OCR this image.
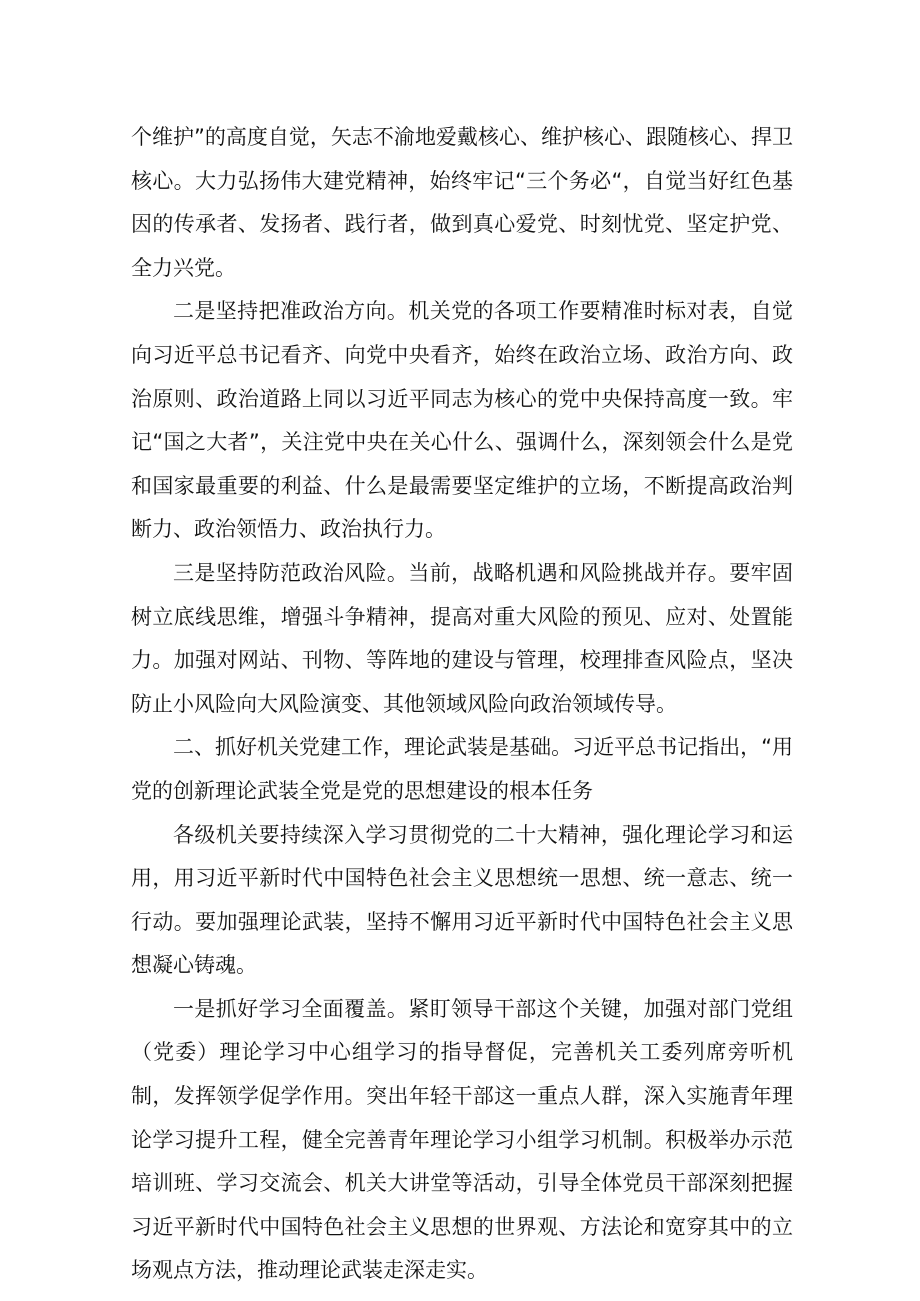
个维护”的高度自觉，矢志不渝地爱戴核心、维护核心、跟随核心、捍卫核心。大力弘扬伟大建党精神，始终牢记“三个务必“，自觉当好红色基因的传承者、发扬者、践行者，做到真心爱党、时刻忧党、坚定护党、全力兴党。

二是坚持把准政治方向。机关党的各项工作要精准时标对表，自觉向习近平总书记看齐、向党中央看齐，始终在政治立场、政治方向、政治原则、政治道路上同以习近平同志为核心的党中央保持高度一致。牢记“国之大者”，关注党中央在关心什么、强调什么，深刻领会什么是党和国家最重要的利益、什么是最需要坚定维护的立场，不断提高政治判断力、政治领悟力、政治执行力。

三是坚持防范政治风险。当前，战略机遇和风险挑战并存。要牢固树立底线思维，增强斗争精神，提高对重大风险的预见、应对、处置能力。加强对网站、刊物、等阵地的建设与管理，校理排查风险点，坚决防止小风险向大风险演变、其他领域风险向政治领域传导。

二、抓好机关党建工作，理论武装是基础。习近平总书记指出，“用党的创新理论武装全党是党的思想建设的根本任务

各级机关要持续深入学习贯彻党的二十大精神，强化理论学习和运用，用习近平新时代中国特色社会主义思想统一思想、统一意志、统一行动。要加强理论武装，坚持不懈用习近平新时代中国特色社会主义思想凝心铸魂。

一是抓好学习全面覆盖。紧盯领导干部这个关键，加强对部门党组（党委）理论学习中心组学习的指导督促，完善机关工委列席旁听机制，发挥领学促学作用。突出年轻干部这一重点人群，深入实施青年理论学习提升工程，健全完善青年理论学习小组学习机制。积极举办示范培训班、学习交流会、机关大讲堂等活动，引导全体党员干部深刻把握习近平新时代中国特色社会主义思想的世界观、方法论和宽穿其中的立场观点方法，推动理论武装走深走实。
